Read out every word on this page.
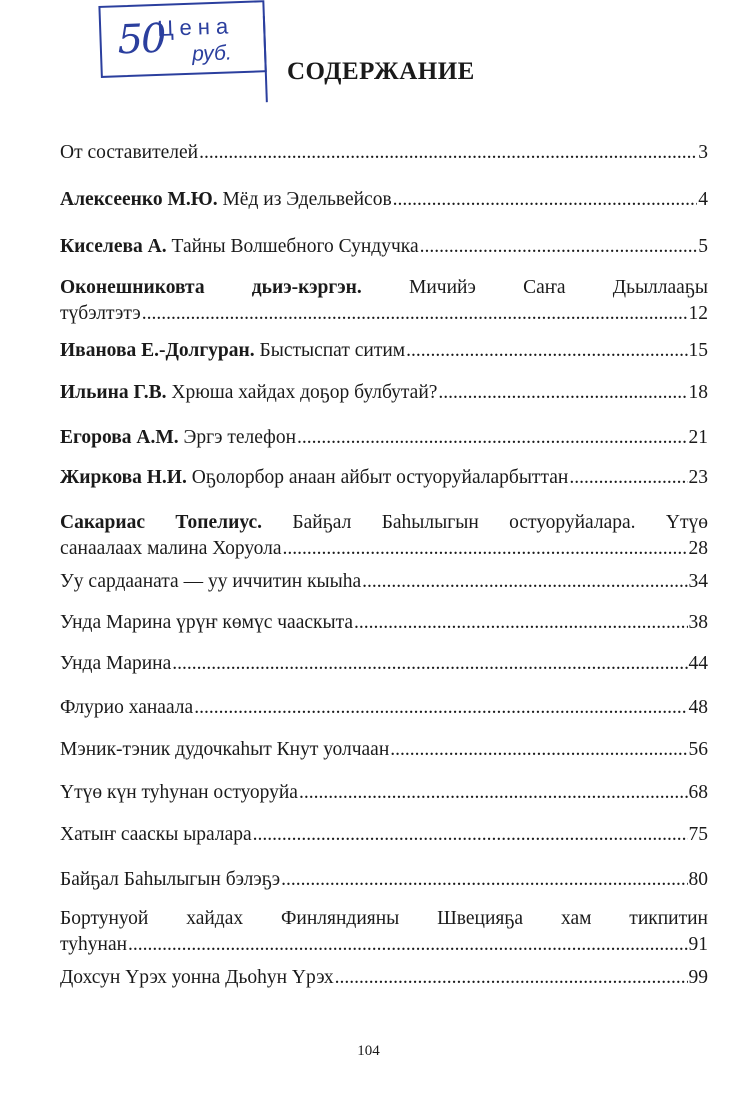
50
Цена
руб.
СОДЕРЖАНИЕ
От составителей .....	3
Алексеенко М.Ю. Мёд из Эдельвейсов .....	4
Киселева А. Тайны Волшебного Сундучка .....	5
Оконешниковта дьиэ-кэргэн. Мичийэ Саҥа Дьыллааҕы
түбэлтэтэ .....	12
Иванова Е.-Долгуран. Быстыспат ситим .....	15
Ильина Г.В. Хрюша хайдах доҕор булбутай? .....	18
Егорова А.М. Эргэ телефон .....	21
Жиркова Н.И. Оҕолорбор анаан айбыт остуоруйаларбыттан .....	23
Сакариас Топелиус. Байҕал Баһылыгын остуоруйалара. Үтүө
санаалаах малина Хоруола .....	28
Уу сардааната — уу иччитин кыыһа .....	34
Унда Марина үрүҥ көмүс чааскыта .....	38
Унда Марина .....	44
Флурио ханаала .....	48
Мэник-тэник дудочкаһыт Кнут уолчаан .....	56
Үтүө күн туһунан остуоруйа .....	68
Хатыҥ сааскы ыралара .....	75
Байҕал Баһылыгын бэлэҕэ .....	80
Бортунуой хайдах Финляндияны Швецияҕа хам тикпитин
туһунан .....	91
Дохсун Үрэх уонна Дьоһун Үрэх .....	99
104
